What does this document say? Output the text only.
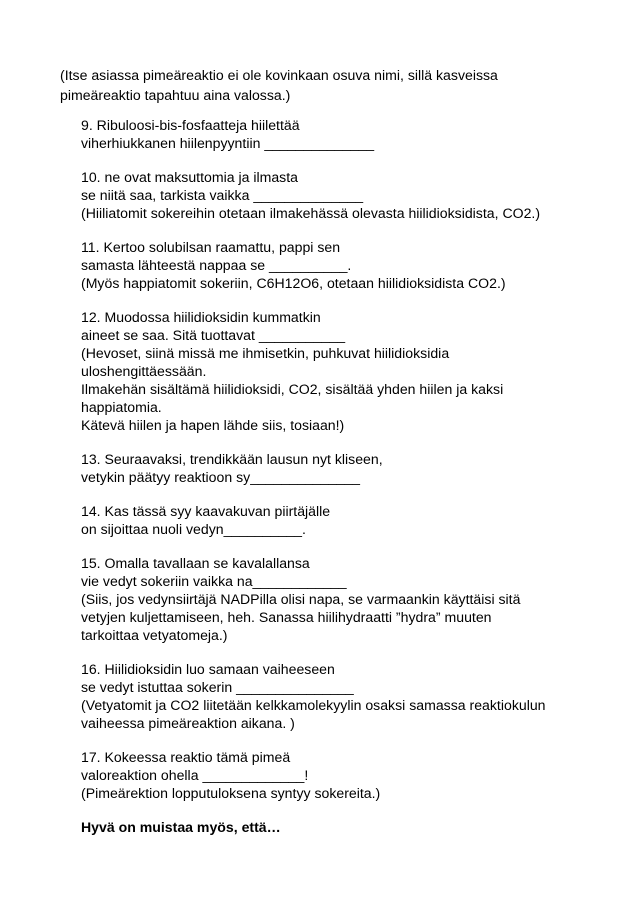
(Itse asiassa pimeäreaktio ei ole kovinkaan osuva nimi, sillä kasveissa
pimeäreaktio tapahtuu aina valossa.)
9. Ribuloosi-bis-fosfaatteja hiilettää
viherhiukkanen hiilenpyyntiin ______________
10. ne ovat maksuttomia ja ilmasta
se niitä saa, tarkista vaikka ______________
(Hiiliatomit sokereihin otetaan ilmakehässä olevasta hiilidioksidista, CO2.)
11. Kertoo solubilsan raamattu, pappi sen
samasta lähteestä nappaa se __________.
(Myös happiatomit sokeriin, C6H12O6, otetaan hiilidioksidista CO2.)
12. Muodossa hiilidioksidin kummatkin
aineet se saa. Sitä tuottavat ___________
(Hevoset, siinä missä me ihmisetkin, puhkuvat hiilidioksidia
uloshengittäessään.
Ilmakehän sisältämä hiilidioksidi, CO2, sisältää yhden hiilen ja kaksi
happiatomia.
Kätevä hiilen ja hapen lähde siis, tosiaan!)
13. Seuraavaksi, trendikkään lausun nyt kliseen,
vetykin päätyy reaktioon sy______________
14. Kas tässä syy kaavakuvan piirtäjälle
on sijoittaa nuoli vedyn__________.
15. Omalla tavallaan se kavalallansa
vie vedyt sokeriin vaikka na____________
(Siis, jos vedynsiirtäjä NADPilla olisi napa, se varmaankin käyttäisi sitä
vetyjen kuljettamiseen, heh. Sanassa hiilihydraatti ”hydra” muuten
tarkoittaa vetyatomeja.)
16. Hiilidioksidin luo samaan vaiheeseen
se vedyt istuttaa sokerin _______________
(Vetyatomit ja CO2 liitetään kelkkamolekyylin osaksi samassa reaktiokulun
vaiheessa pimeäreaktion aikana. )
17. Kokeessa reaktio tämä pimeä
valoreaktion ohella _____________!
(Pimeärektion lopputuloksena syntyy sokereita.)
Hyvä on muistaa myös, että…
